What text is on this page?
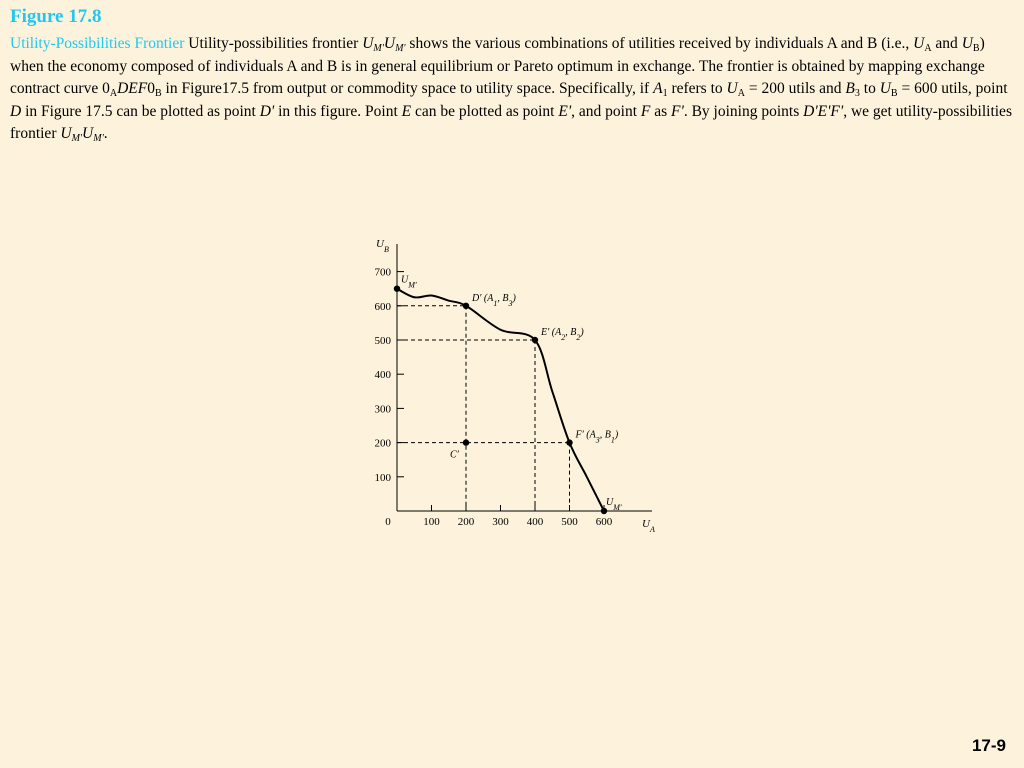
Figure 17.8
Utility-Possibilities Frontier Utility-possibilities frontier $U_{M'}U_{M'}$ shows the various combinations of utilities received by individuals A and B (i.e., $U_A$ and $U_B$) when the economy composed of individuals A and B is in general equilibrium or Pareto optimum in exchange. The frontier is obtained by mapping exchange contract curve $0_ADEF0_B$ in Figure17.5 from output or commodity space to utility space. Specifically, if $A_1$ refers to $U_A = 200$ utils and $B_3$ to $U_B = 600$ utils, point D in Figure 17.5 can be plotted as point D' in this figure. Point E can be plotted as point E', and point F as F'. By joining points D'E'F', we get utility-possibilities frontier $U_{M'}U_{M'}$.
100
200
300
400
500
600
700
0	100 200 300 400 500 600
$U_B$
$U_A$
$U_{M'}$
$U_{M'}$
D′ ($A_1$, $B_3$)
E′ ($A_2$, $B_2$)
F′ ($A_3$, $B_1$)
C′
17-9
